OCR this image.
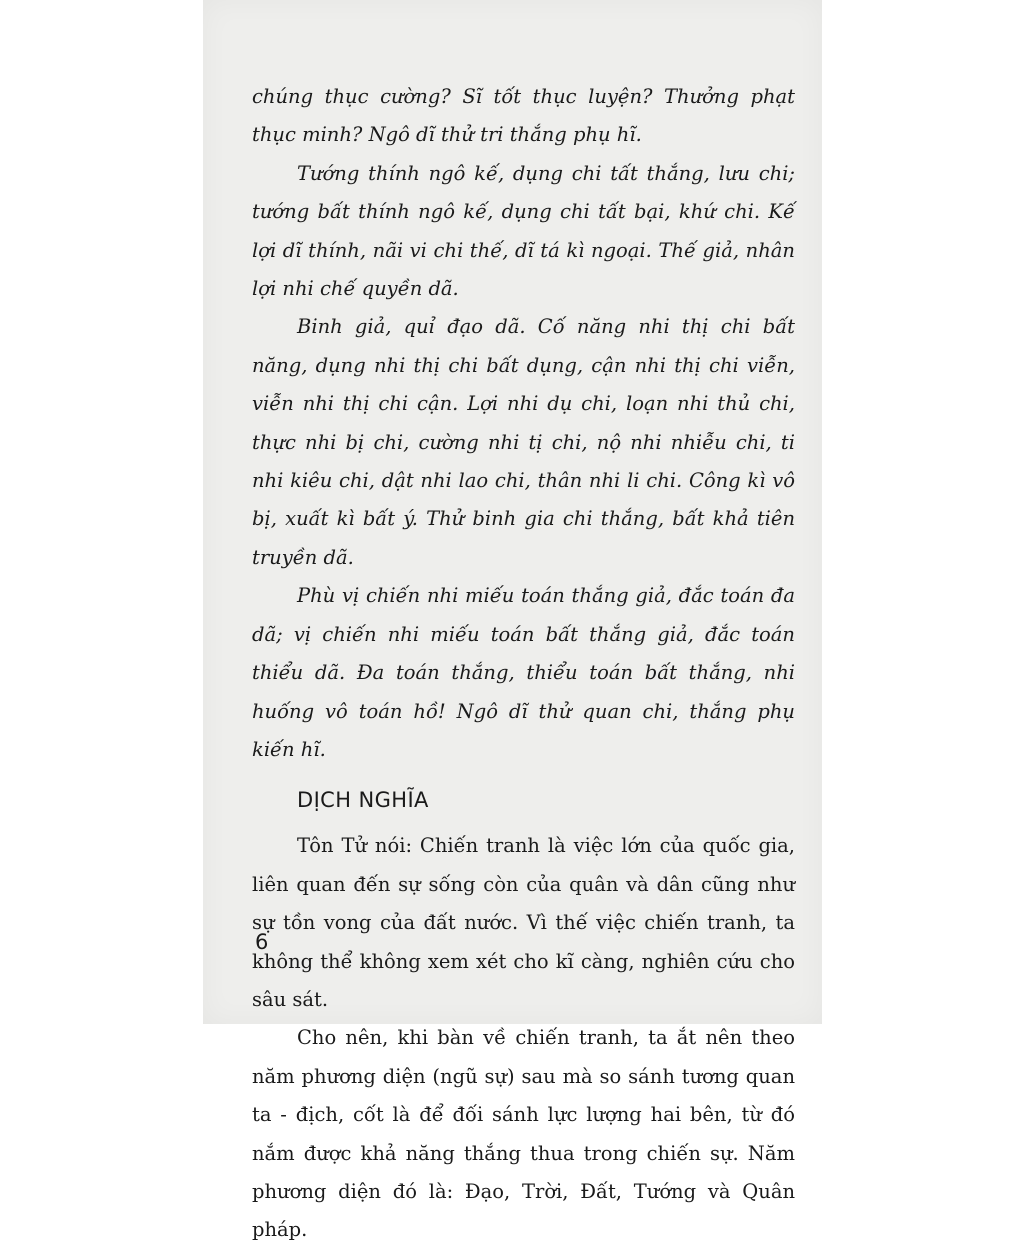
chúng thục cường? Sĩ tốt thục luyện? Thưởng phạt thục minh? Ngô dĩ thử tri thắng phụ hĩ.

Tướng thính ngô kế, dụng chi tất thắng, lưu chi; tướng bất thính ngô kế, dụng chi tất bại, khứ chi. Kế lợi dĩ thính, nãi vi chi thế, dĩ tá kì ngoại. Thế giả, nhân lợi nhi chế quyền dã.

Binh giả, quỉ đạo dã. Cố năng nhi thị chi bất năng, dụng nhi thị chi bất dụng, cận nhi thị chi viễn, viễn nhi thị chi cận. Lợi nhi dụ chi, loạn nhi thủ chi, thực nhi bị chi, cường nhi tị chi, nộ nhi nhiễu chi, ti nhi kiêu chi, dật nhi lao chi, thân nhi li chi. Công kì vô bị, xuất kì bất ý. Thử binh gia chi thắng, bất khả tiên truyền dã.

Phù vị chiến nhi miếu toán thắng giả, đắc toán đa dã; vị chiến nhi miếu toán bất thắng giả, đắc toán thiểu dã. Đa toán thắng, thiểu toán bất thắng, nhi huống vô toán hồ! Ngô dĩ thử quan chi, thắng phụ kiến hĩ.

DỊCH NGHĨA

Tôn Tử nói: Chiến tranh là việc lớn của quốc gia, liên quan đến sự sống còn của quân và dân cũng như sự tồn vong của đất nước. Vì thế việc chiến tranh, ta không thể không xem xét cho kĩ càng, nghiên cứu cho sâu sát.

Cho nên, khi bàn về chiến tranh, ta ắt nên theo năm phương diện (ngũ sự) sau mà so sánh tương quan ta - địch, cốt là để đối sánh lực lượng hai bên, từ đó nắm được khả năng thắng thua trong chiến sự. Năm phương diện đó là: Đạo, Trời, Đất, Tướng và Quân pháp.

6
